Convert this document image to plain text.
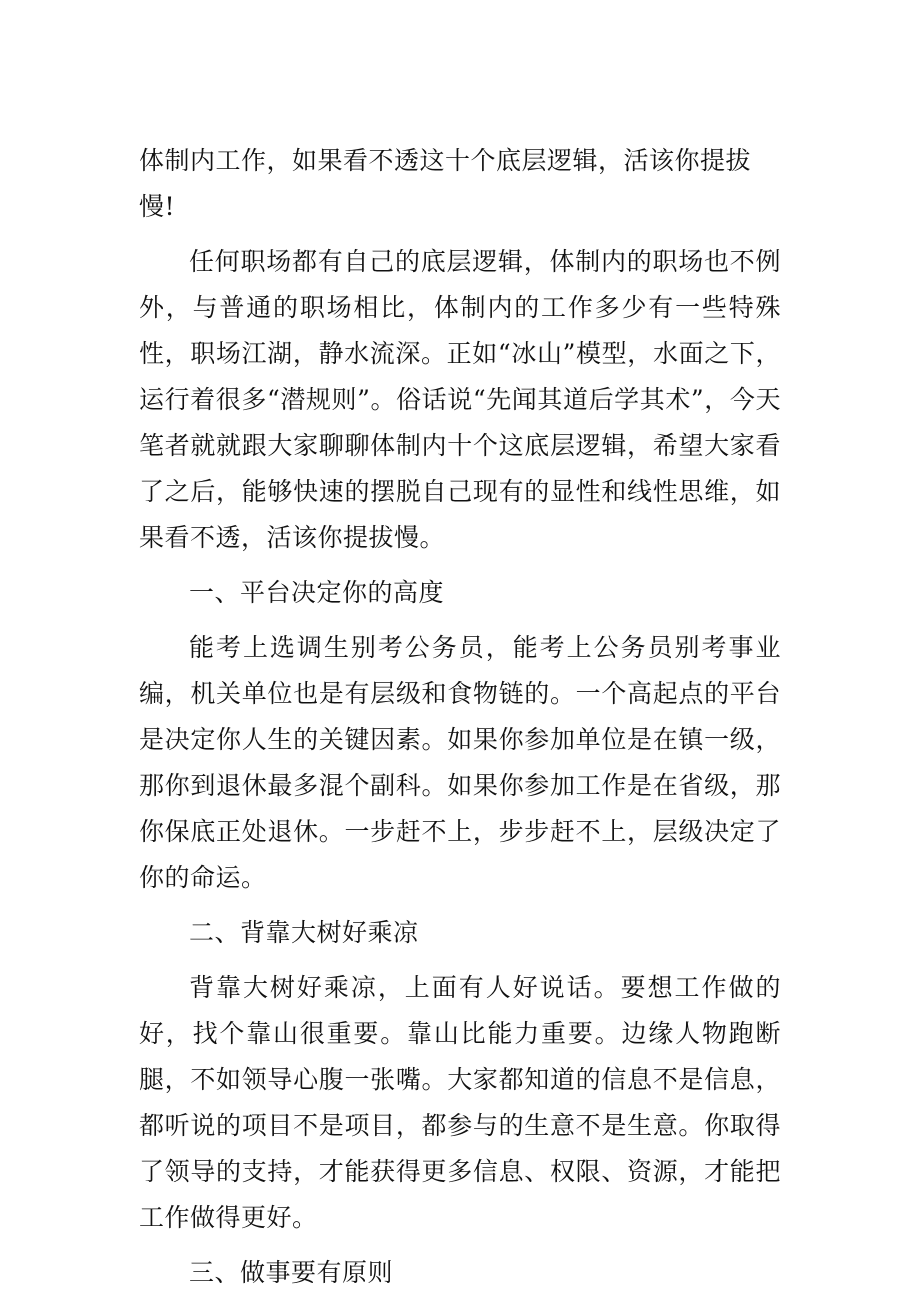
体制内工作，如果看不透这十个底层逻辑，活该你提拔慢!

任何职场都有自己的底层逻辑，体制内的职场也不例外，与普通的职场相比，体制内的工作多少有一些特殊性，职场江湖，静水流深。正如“冰山”模型，水面之下，运行着很多“潜规则”。俗话说“先闻其道后学其术”，今天笔者就就跟大家聊聊体制内十个这底层逻辑，希望大家看了之后，能够快速的摆脱自己现有的显性和线性思维，如果看不透，活该你提拔慢。

一、平台决定你的高度

能考上选调生别考公务员，能考上公务员别考事业编，机关单位也是有层级和食物链的。一个高起点的平台是决定你人生的关键因素。如果你参加单位是在镇一级，那你到退休最多混个副科。如果你参加工作是在省级，那你保底正处退休。一步赶不上，步步赶不上，层级决定了你的命运。

二、背靠大树好乘凉

背靠大树好乘凉，上面有人好说话。要想工作做的好，找个靠山很重要。靠山比能力重要。边缘人物跑断腿，不如领导心腹一张嘴。大家都知道的信息不是信息，都听说的项目不是项目，都参与的生意不是生意。你取得了领导的支持，才能获得更多信息、权限、资源，才能把工作做得更好。

三、做事要有原则
